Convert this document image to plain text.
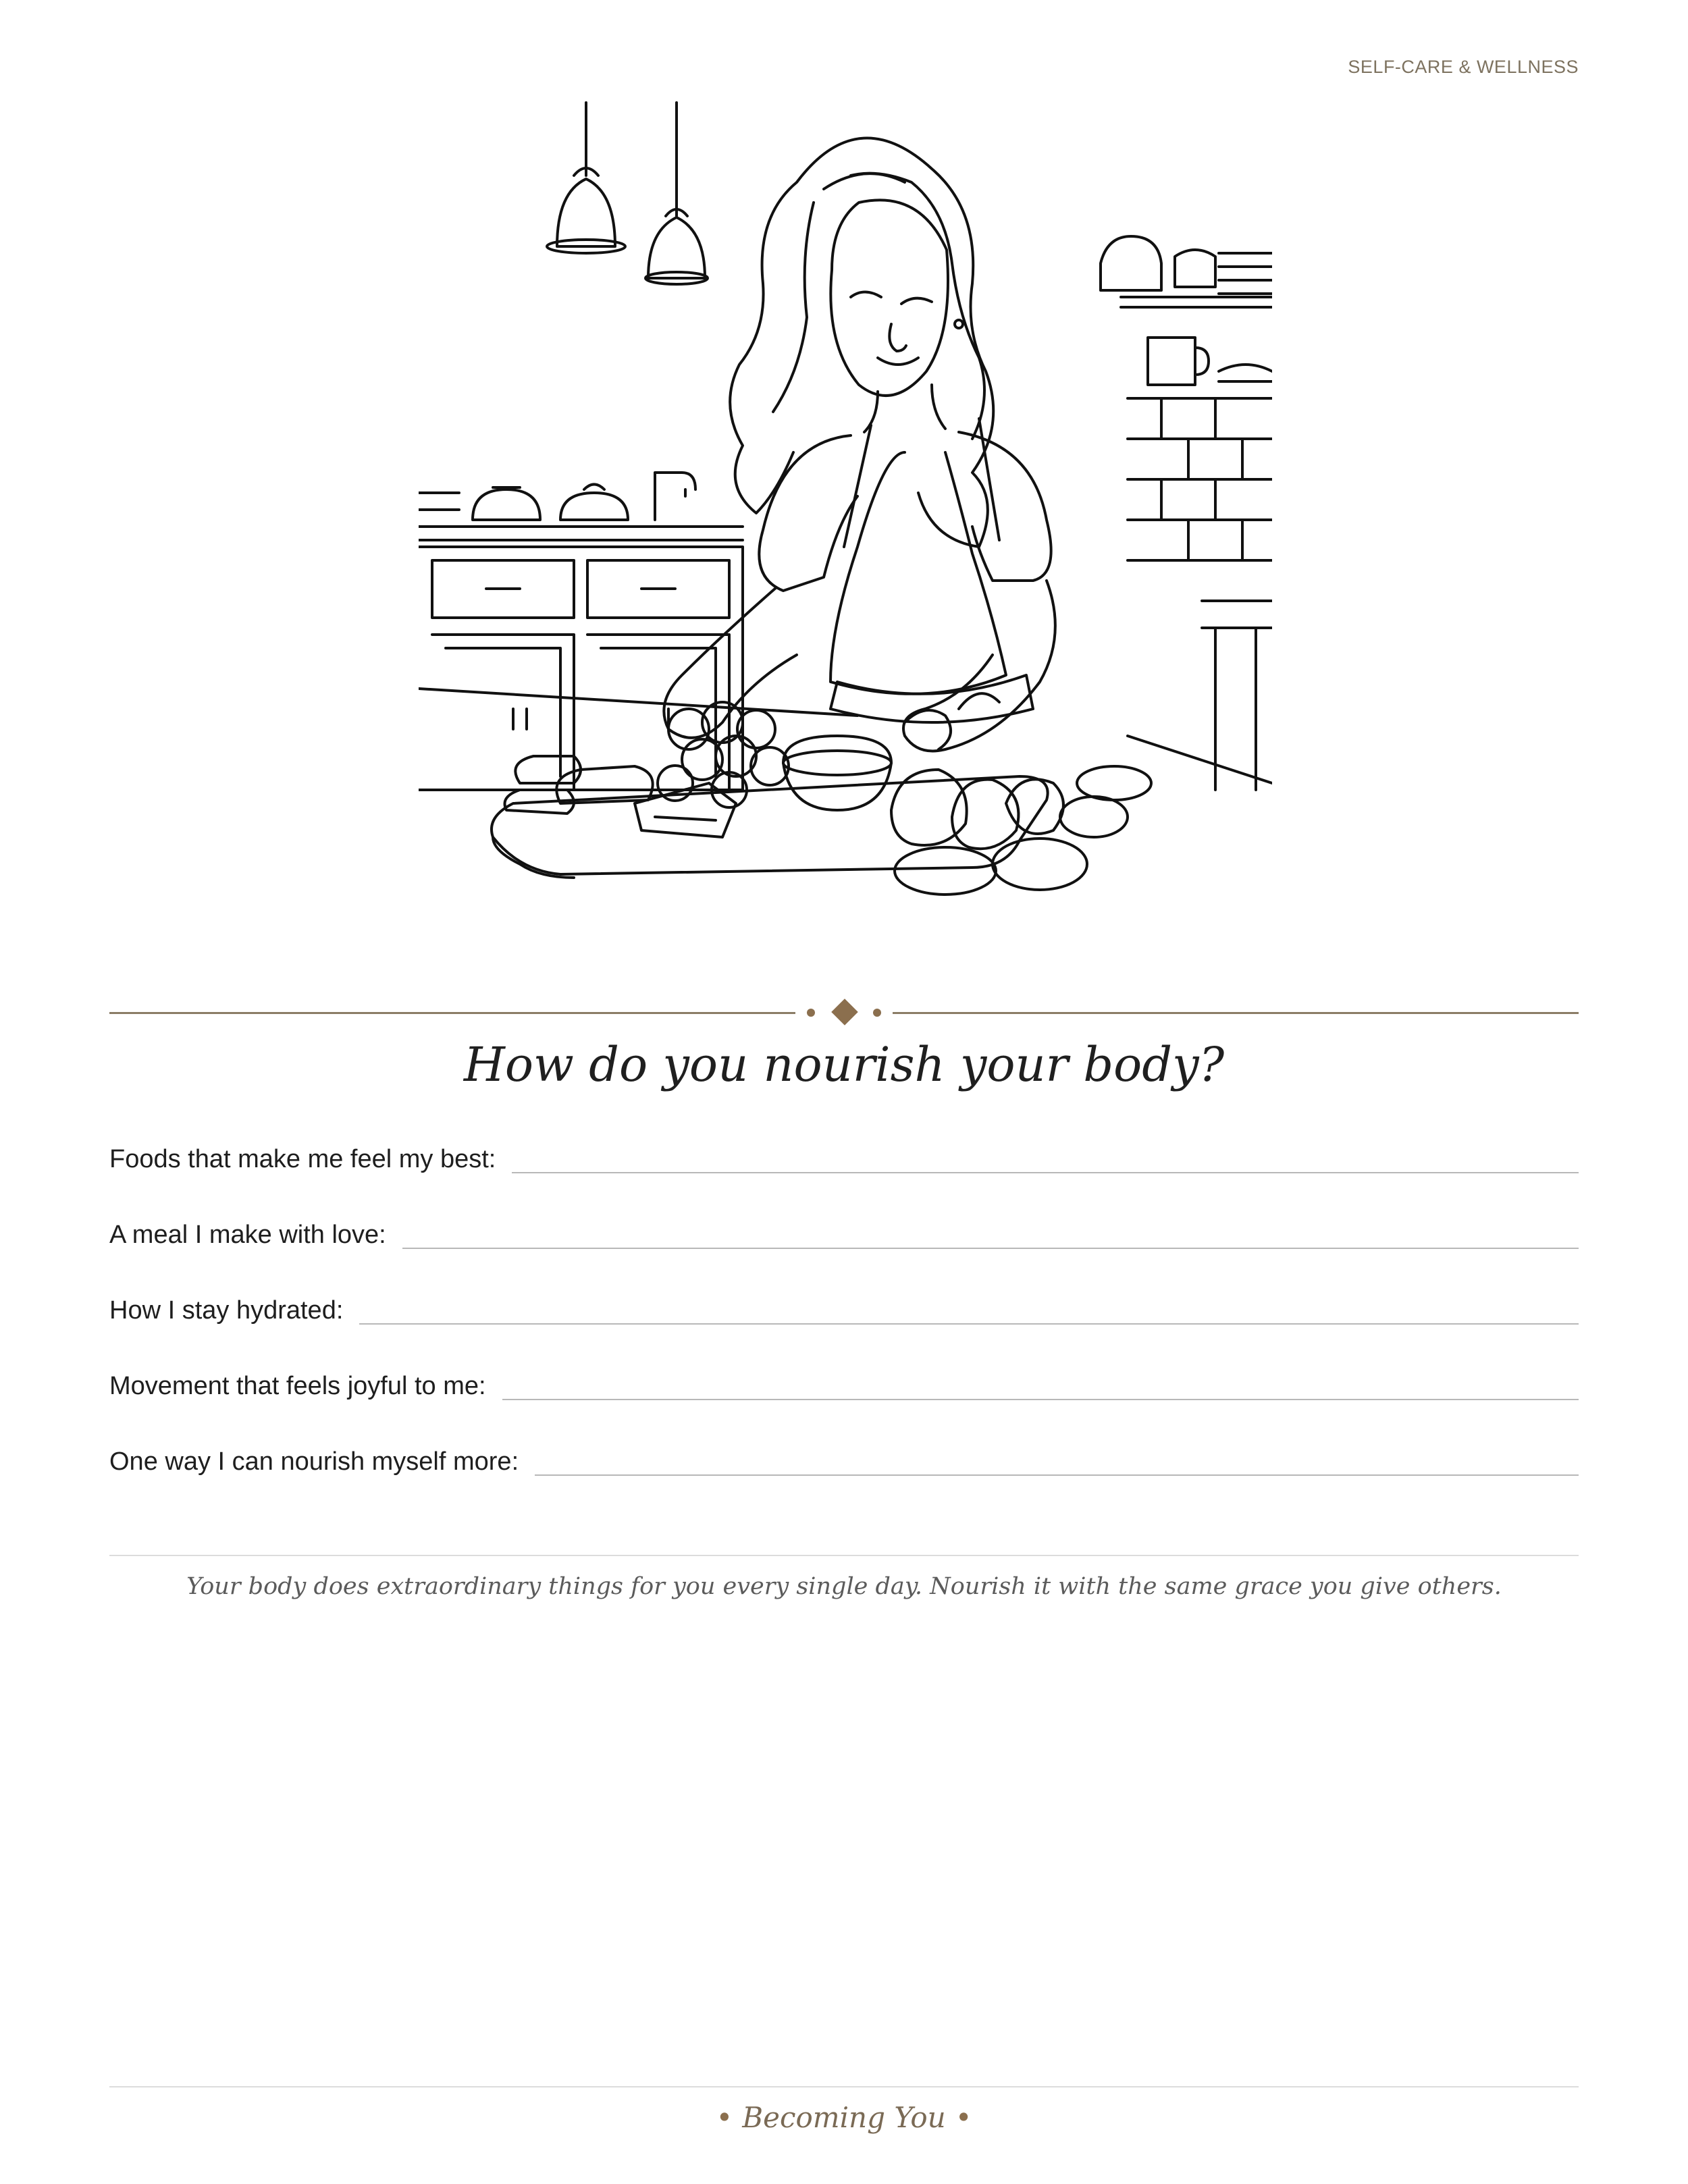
SELF-CARE & WELLNESS
How do you nourish your body?
Foods that make me feel my best:
A meal I make with love:
How I stay hydrated:
Movement that feels joyful to me:
One way I can nourish myself more:

Your body does extraordinary things for you every single day. Nourish it with the same grace you give others.

• Becoming You •
